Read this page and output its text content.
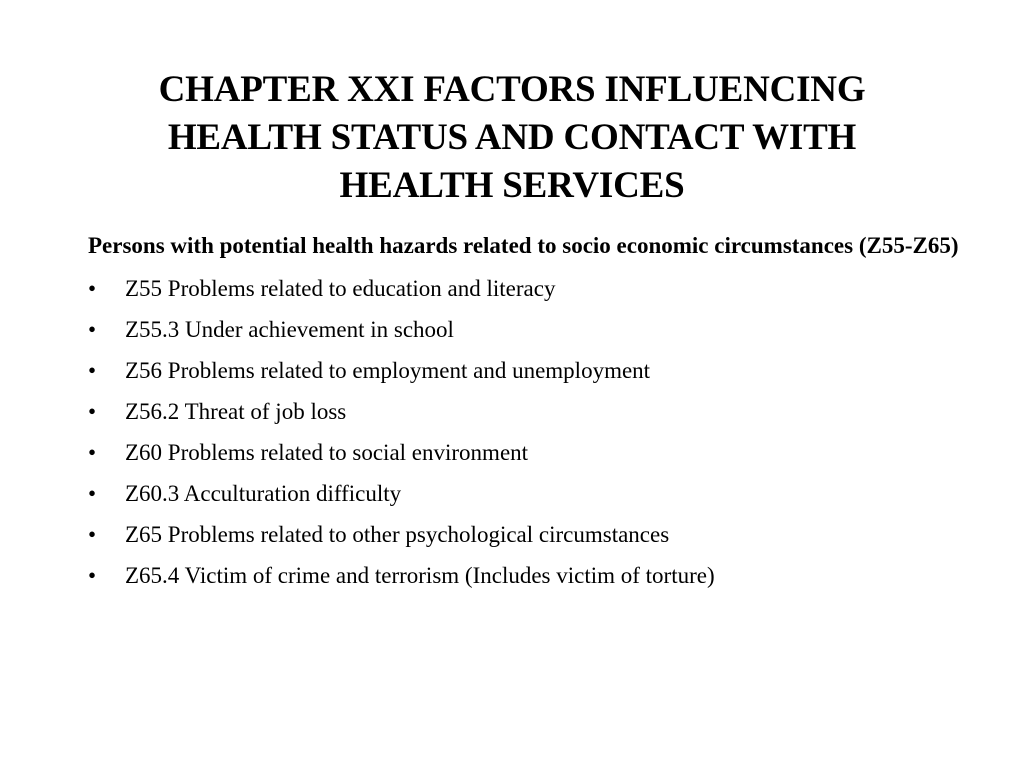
CHAPTER XXI FACTORS INFLUENCING
HEALTH STATUS AND CONTACT WITH
HEALTH SERVICES

Persons with potential health hazards related to socio economic circumstances (Z55-Z65)

•	Z55 Problems related to education and literacy
•	Z55.3 Under achievement in school
•	Z56 Problems related to employment and unemployment
•	Z56.2 Threat of job loss
•	Z60 Problems related to social environment
•	Z60.3 Acculturation difficulty
•	Z65 Problems related to other psychological circumstances
•	Z65.4 Victim of crime and terrorism (Includes victim of torture)
